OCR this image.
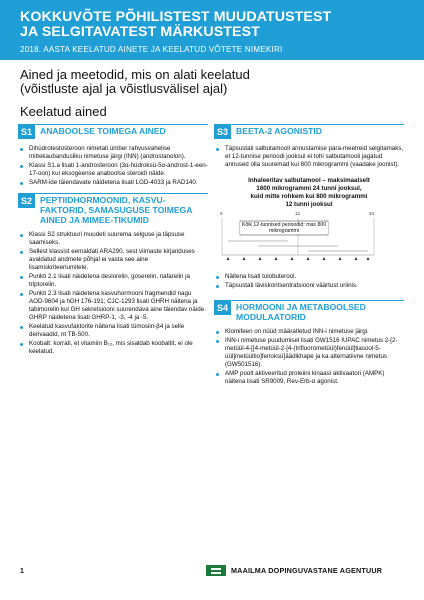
KOKKUVÕTE PÕHILISTEST MUUDATUSTEST
JA SELGITAVATEST MÄRKUSTEST
2018. AASTA KEELATUD AINETE JA KEELATUD VÕTETE NIMEKIRI
Ained ja meetodid, mis on alati keelatud
(võistluste ajal ja võistlusvälisel ajal)
Keelatud ained
S1 ANABOOLSE TOIMEGA AINED
Dihüdrotestosteroon nimetati ümber rahvusvahelise mittekaubandusliku nimetuse järgi (INN) (androstanolon).
Klassi S1.a lisati 1-androsteroon (3α-hüdroksü-5α-androst-1-een-17-oon) kui eksogeense anaboolse steroidi näide.
SARM-ide täiendavate näidetena lisati LGD-4033 ja RAD140.
S2 PEPTIIDHORMOONID, KASVU-FAKTORID, SAMASUGUSE TOIMEGA AINED JA MIMEE-TIKUMID
Klassi S2 struktuuri muudeti suurema selguse ja täpsuse saamiseks.
Sellest klassist eemaldati ARA290, sest viimaste kirjanduses avaldatud andmete põhjal ei vasta see aine lisamiskriteeriumitele.
Punkti 2.1 lisati näidetena deslorelin, goserelin, nafarelin ja triptorelin.
Punkti 2.3 lisati näidetena kasvuhormooni fragmendid nagu AOD-9604 ja hGH 176-191; CJC-1293 lisati GHRH näitena ja tabimorelin kui GH sekretsiooni suurendava aine täiendav näide. GHRP näidetena lisati GHRP-1, -3, -4 ja -5.
Keelatud kasvufaktorite näitena lisati tümosiin-β4 ja selle derivaadid, nt TB-500.
Koobalt: korrati, et vitamiin B₁₂, mis sisaldab koobaltit, ei ole keelatud.
S3 BEETA-2 AGONISTID
Täpsustati salbutamooli annustamise para-meetreid selgitamaks, et 12-tunnise perioodi jooksul ei tohi salbutamooli jagatud annused olla suuremad kui 800 mikrogrammi (vaadake joonist).
Inhaleeritav salbutamool – maksimaalselt
1600 mikrogrammi 24 tunni jooksul,
kuid mitte rohkem kui 800 mikrogrammi
12 tunni jooksul
0	12	24
Kõik 12-tunnised perioodid: max 800 mikrogrammi
Näitena lisati tulobuterool.
Täpsustati läviskontsentratsiooni väärtust uriinis.
S4 HORMOONI JA METABOOLSED MODULAATORID
Klomifeen on nüüd määratletud INN-i nimetuse järgi.
INN-i nimetuse puudumisel lisati GW1516 IUPAC nimetus 2-[2-metüül-4-[[4-metüül-2-[4-(trifluorometüül)fenüül]tiasool-5-üül]metüültio]fenoksü]äädikhape ja ka alternatiivne nimetus (GW501516).
AMP poolt aktiveeritud proteiini kinaasi aktivaatori (AMPK) näitena lisati SR9009, Rev-Erb-α agonist.
1	MAAILMA DOPINGUVASTANE AGENTUUR
